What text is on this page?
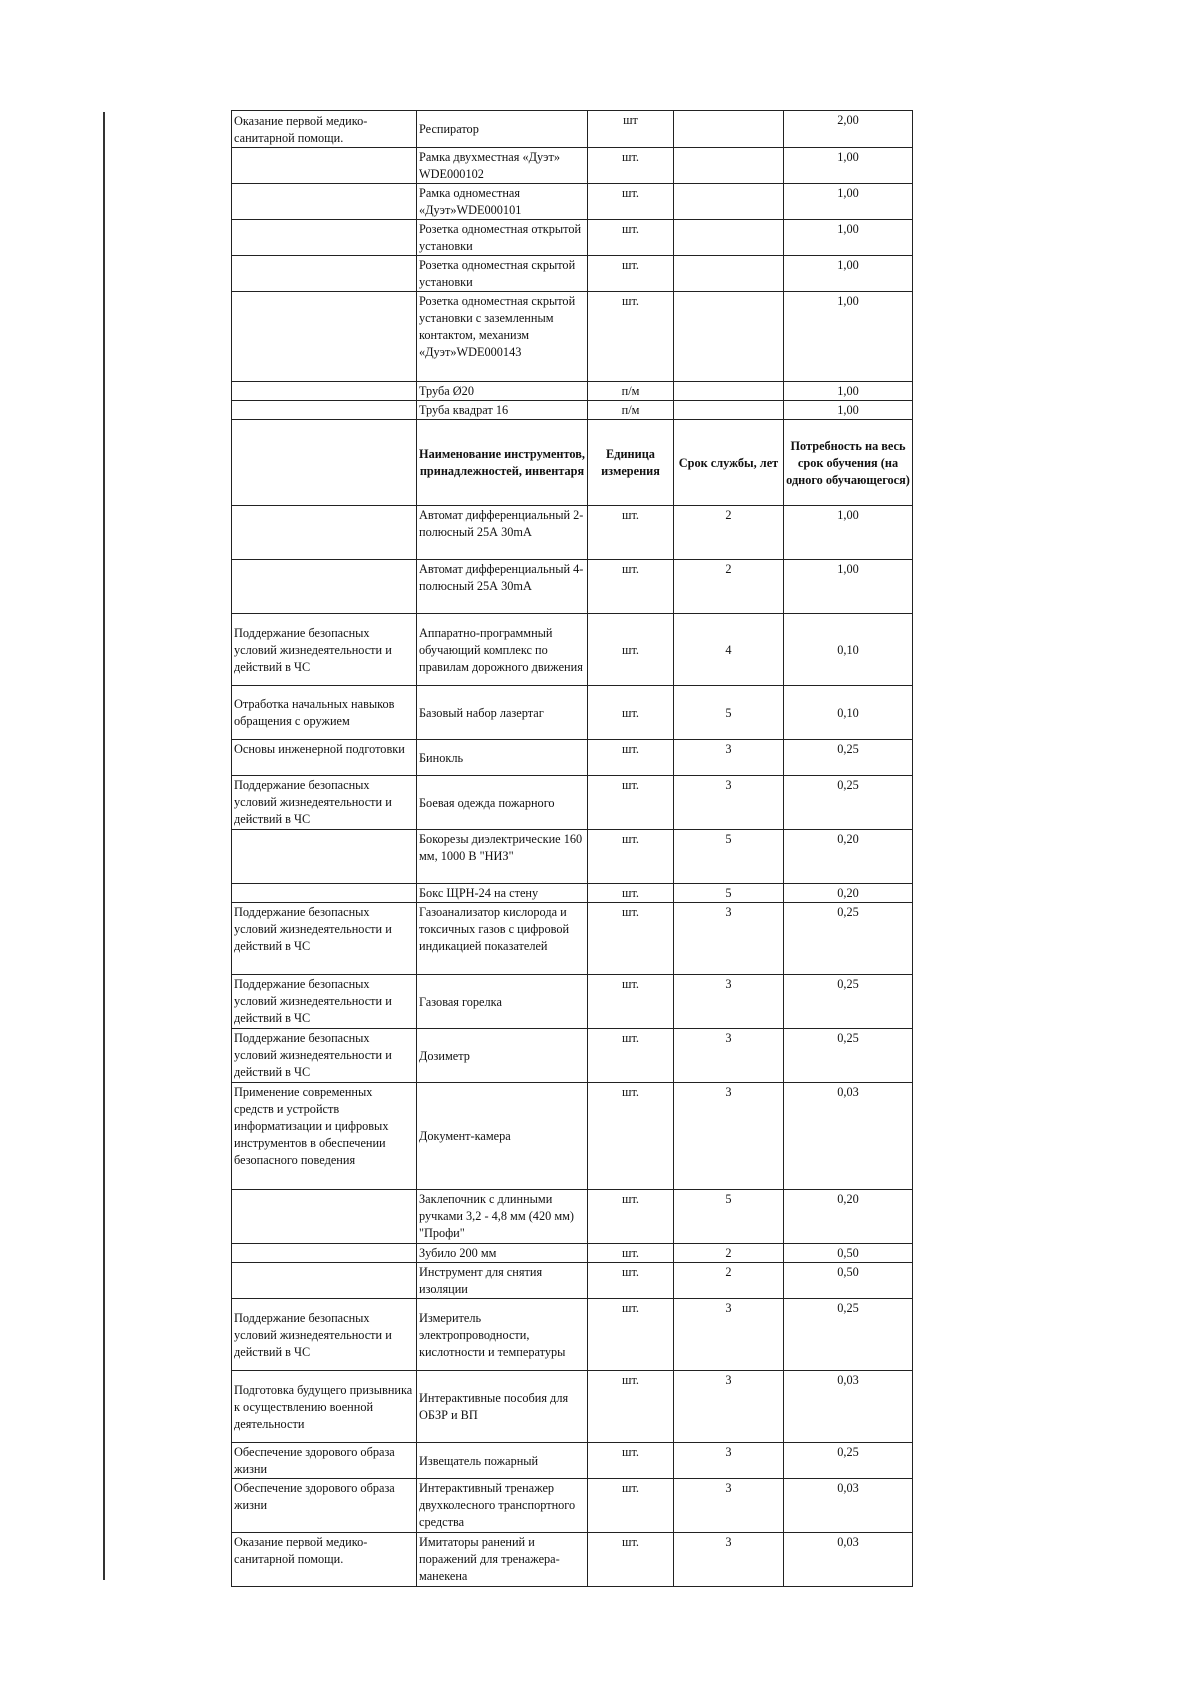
Оказание первой медико-санитарной помощи.	Респиратор	шт		2,00
	Рамка двухместная «Дуэт» WDE000102	шт.		1,00
	Рамка одноместная «Дуэт»WDE000101	шт.		1,00
	Розетка одноместная открытой установки	шт.		1,00
	Розетка одноместная скрытой установки	шт.		1,00
	Розетка одноместная скрытой установки с заземленным контактом, механизм «Дуэт»WDE000143	шт.		1,00
	Труба Ø20	п/м		1,00
	Труба квадрат 16	п/м		1,00
	Наименование инструментов, принадлежностей, инвентаря	Единица измерения	Срок службы, лет	Потребность на весь срок обучения (на одного обучающегося)
	Автомат дифференциальный 2-полюсный 25А 30mA	шт.	2	1,00
	Автомат дифференциальный 4-полюсный 25А 30mA	шт.	2	1,00
Поддержание безопасных условий жизнедеятельности и действий в ЧС	Аппаратно-программный обучающий комплекс по правилам дорожного движения	шт.	4	0,10
Отработка начальных навыков обращения с оружием	Базовый набор лазертаг	шт.	5	0,10
Основы инженерной подготовки	Бинокль	шт.	3	0,25
Поддержание безопасных условий жизнедеятельности и действий в ЧС	Боевая одежда пожарного	шт.	3	0,25
	Бокорезы диэлектрические 160 мм, 1000 В "НИЗ"	шт.	5	0,20
	Бокс ЩРН-24 на стену	шт.	5	0,20
Поддержание безопасных условий жизнедеятельности и действий в ЧС	Газоанализатор кислорода и токсичных газов с цифровой индикацией показателей	шт.	3	0,25
Поддержание безопасных условий жизнедеятельности и действий в ЧС	Газовая горелка	шт.	3	0,25
Поддержание безопасных условий жизнедеятельности и действий в ЧС	Дозиметр	шт.	3	0,25
Применение современных средств и устройств информатизации и цифровых инструментов в обеспечении безопасного поведения	Документ-камера	шт.	3	0,03
	Заклепочник с длинными ручками 3,2 - 4,8 мм (420 мм) "Профи"	шт.	5	0,20
	Зубило 200 мм	шт.	2	0,50
	Инструмент для снятия изоляции	шт.	2	0,50
Поддержание безопасных условий жизнедеятельности и действий в ЧС	Измеритель электропроводности, кислотности и температуры	шт.	3	0,25
Подготовка будущего призывника к осуществлению военной деятельности	Интерактивные пособия для ОБЗР и ВП	шт.	3	0,03
Обеспечение здорового образа жизни	Извещатель пожарный	шт.	3	0,25
Обеспечение здорового образа жизни	Интерактивный тренажер двухколесного транспортного средства	шт.	3	0,03
Оказание первой медико-санитарной помощи.	Имитаторы ранений и поражений для тренажера-манекена	шт.	3	0,03
